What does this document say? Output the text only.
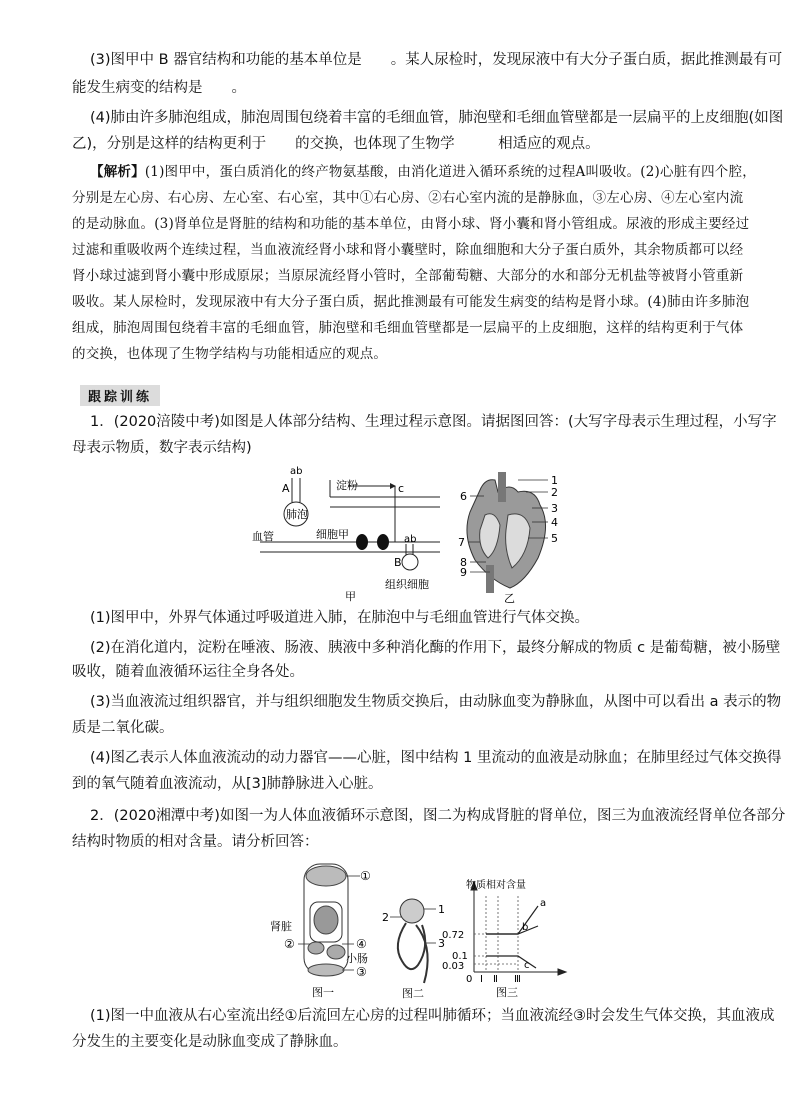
(3)图甲中 B 器官结构和功能的基本单位是　　。某人尿检时，发现尿液中有大分子蛋白质，据此推测最有可
能发生病变的结构是　　。
(4)肺由许多肺泡组成，肺泡周围包绕着丰富的毛细血管，肺泡壁和毛细血管壁都是一层扁平的上皮细胞(如图
乙)，分别是这样的结构更利于　　的交换，也体现了生物学　　　相适应的观点。
【解析】(1)图甲中，蛋白质消化的终产物氨基酸，由消化道进入循环系统的过程A叫吸收。(2)心脏有四个腔，
分别是左心房、右心房、左心室、右心室，其中①右心房、②右心室内流的是静脉血，③左心房、④左心室内流
的是动脉血。(3)肾单位是肾脏的结构和功能的基本单位，由肾小球、肾小囊和肾小管组成。尿液的形成主要经过
过滤和重吸收两个连续过程，当血液流经肾小球和肾小囊壁时，除血细胞和大分子蛋白质外，其余物质都可以经
肾小球过滤到肾小囊中形成原尿；当原尿流经肾小管时，全部葡萄糖、大部分的水和部分无机盐等被肾小管重新
吸收。某人尿检时，发现尿液中有大分子蛋白质，据此推测最有可能发生病变的结构是肾小球。(4)肺由许多肺泡
组成，肺泡周围包绕着丰富的毛细血管，肺泡壁和毛细血管壁都是一层扁平的上皮细胞，这样的结构更利于气体
的交换，也体现了生物学结构与功能相适应的观点。
跟踪训练
1．(2020涪陵中考)如图是人体部分结构、生理过程示意图。请据图回答：(大写字母表示生理过程，小写字
母表示物质，数字表示结构)
ab
A
肺泡
淀粉	c
血管	细胞甲	ab
B
组织细胞
甲
1
2
3
4
5
6
7
8
9
乙
(1)图甲中，外界气体通过呼吸道进入肺，在肺泡中与毛细血管进行气体交换。
(2)在消化道内，淀粉在唾液、肠液、胰液中多种消化酶的作用下，最终分解成的物质 c 是葡萄糖，被小肠壁
吸收，随着血液循环运往全身各处。
(3)当血液流过组织器官，并与组织细胞发生物质交换后，由动脉血变为静脉血，从图中可以看出 a 表示的物
质是二氧化碳。
(4)图乙表示人体血液流动的动力器官——心脏，图中结构 1 里流动的血液是动脉血；在肺里经过气体交换得
到的氧气随着血液流动，从[3]肺静脉进入心脏。
2．(2020湘潭中考)如图一为人体血液循环示意图，图二为构成肾脏的肾单位，图三为血液流经肾单位各部分
结构时物质的相对含量。请分析回答：
①
肾脏
②	④
小肠
③
图一
1
2
3
图二
物质相对含量
0.72
0.1
0.03
0 Ⅰ Ⅱ Ⅲ
a
b
c
图三
(1)图一中血液从右心室流出经①后流回左心房的过程叫肺循环；当血液流经③时会发生气体交换，其血液成
分发生的主要变化是动脉血变成了静脉血。
